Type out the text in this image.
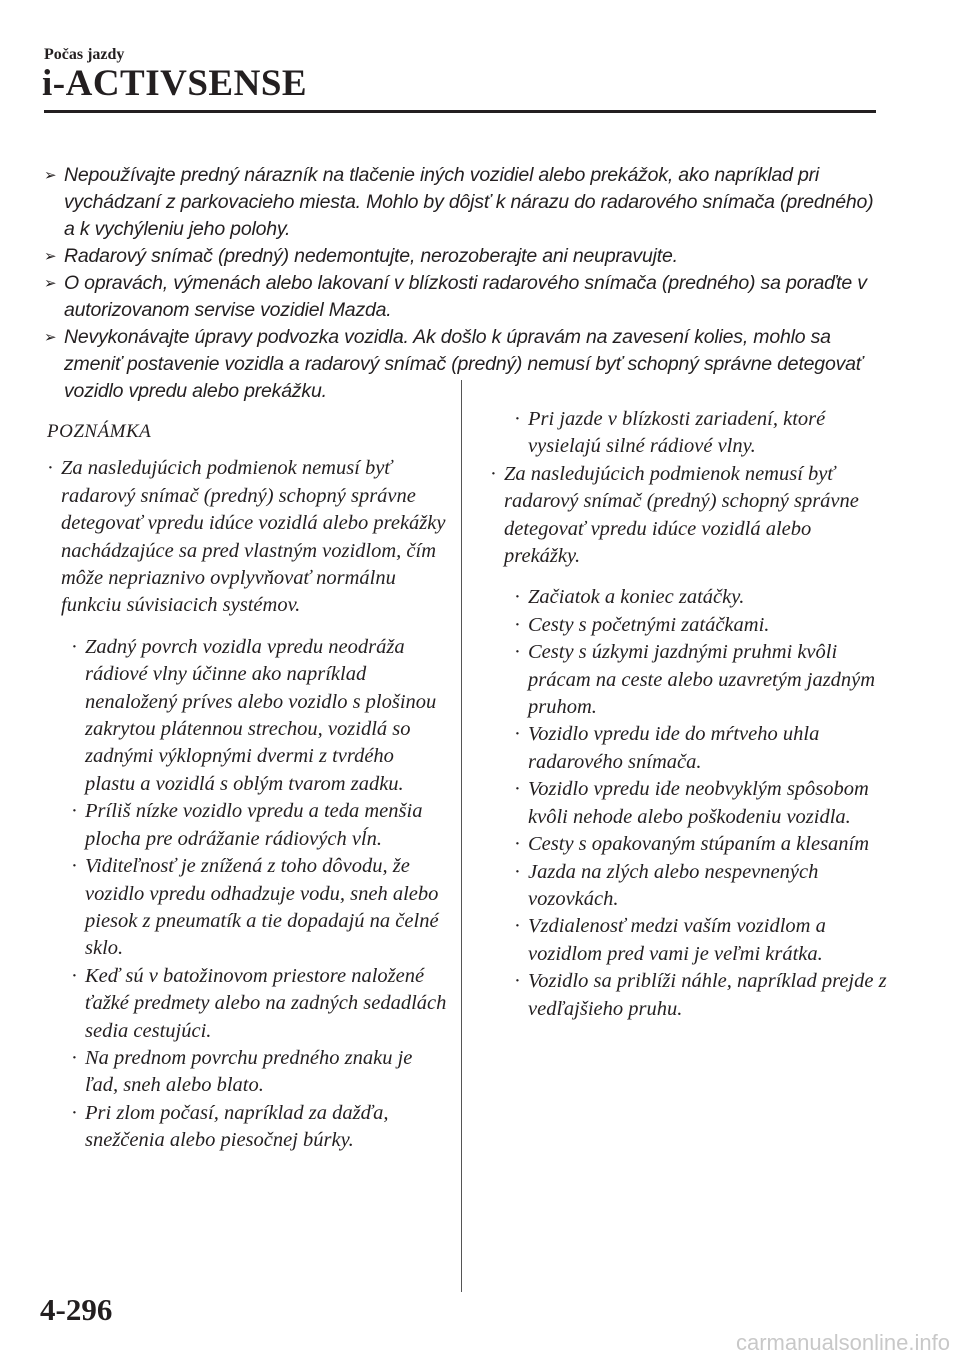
Počas jazdy
i-ACTIVSENSE
➢ Nepoužívajte predný nárazník na tlačenie iných vozidiel alebo prekážok, ako napríklad pri vychádzaní z parkovacieho miesta. Mohlo by dôjsť k nárazu do radarového snímača (predného) a k vychýleniu jeho polohy.
➢ Radarový snímač (predný) nedemontujte, nerozoberajte ani neupravujte.
➢ O opravách, výmenách alebo lakovaní v blízkosti radarového snímača (predného) sa poraďte v autorizovanom servise vozidiel Mazda.
➢ Nevykonávajte úpravy podvozka vozidla. Ak došlo k úpravám na zavesení kolies, mohlo sa zmeniť postavenie vozidla a radarový snímač (predný) nemusí byť schopný správne detegovať vozidlo vpredu alebo prekážku.
POZNÁMKA
· Za nasledujúcich podmienok nemusí byť radarový snímač (predný) schopný správne detegovať vpredu idúce vozidlá alebo prekážky nachádzajúce sa pred vlastným vozidlom, čím môže nepriaznivo ovplyvňovať normálnu funkciu súvisiacich systémov.
· Zadný povrch vozidla vpredu neodráža rádiové vlny účinne ako napríklad nenaložený príves alebo vozidlo s plošinou zakrytou plátennou strechou, vozidlá so zadnými výklopnými dvermi z tvrdého plastu a vozidlá s oblým tvarom zadku.
· Príliš nízke vozidlo vpredu a teda menšia plocha pre odrážanie rádiových vĺn.
· Viditeľnosť je znížená z toho dôvodu, že vozidlo vpredu odhadzuje vodu, sneh alebo piesok z pneumatík a tie dopadajú na čelné sklo.
· Keď sú v batožinovom priestore naložené ťažké predmety alebo na zadných sedadlách sedia cestujúci.
· Na prednom povrchu predného znaku je ľad, sneh alebo blato.
· Pri zlom počasí, napríklad za dažďa, snežčenia alebo piesočnej búrky.
· Pri jazde v blízkosti zariadení, ktoré vysielajú silné rádiové vlny.
· Za nasledujúcich podmienok nemusí byť radarový snímač (predný) schopný správne detegovať vpredu idúce vozidlá alebo prekážky.
· Začiatok a koniec zatáčky.
· Cesty s početnými zatáčkami.
· Cesty s úzkymi jazdnými pruhmi kvôli prácam na ceste alebo uzavretým jazdným pruhom.
· Vozidlo vpredu ide do mŕtveho uhla radarového snímača.
· Vozidlo vpredu ide neobvyklým spôsobom kvôli nehode alebo poškodeniu vozidla.
· Cesty s opakovaným stúpaním a klesaním
· Jazda na zlých alebo nespevnených vozovkách.
· Vzdialenosť medzi vaším vozidlom a vozidlom pred vami je veľmi krátka.
· Vozidlo sa priblíži náhle, napríklad prejde z vedľajšieho pruhu.
4-296
carmanualsonline.info
